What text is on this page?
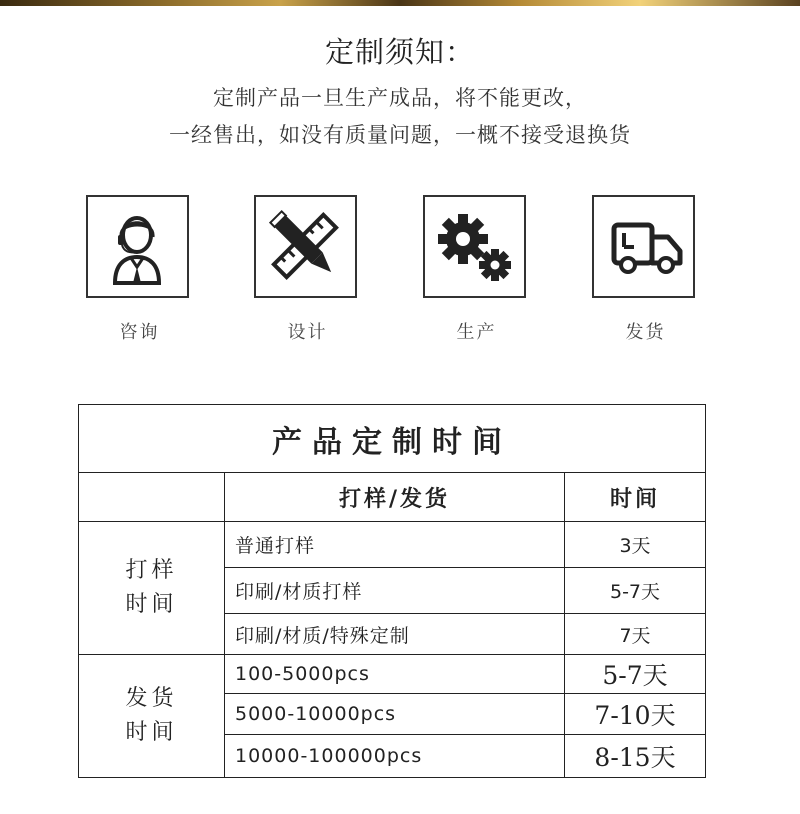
定制须知：
定制产品一旦生产成品，将不能更改，
一经售出，如没有质量问题，一概不接受退换货
咨询	设计	生产	发货
产品定制时间		
	打样/发货	时间

打样
时间	普通打样	3天
	印刷/材质打样	5-7天
	印刷/材质/特殊定制	7天

发货
时间	100-5000pcs	5-7天
	5000-10000pcs	7-10天
	10000-100000pcs	8-15天
